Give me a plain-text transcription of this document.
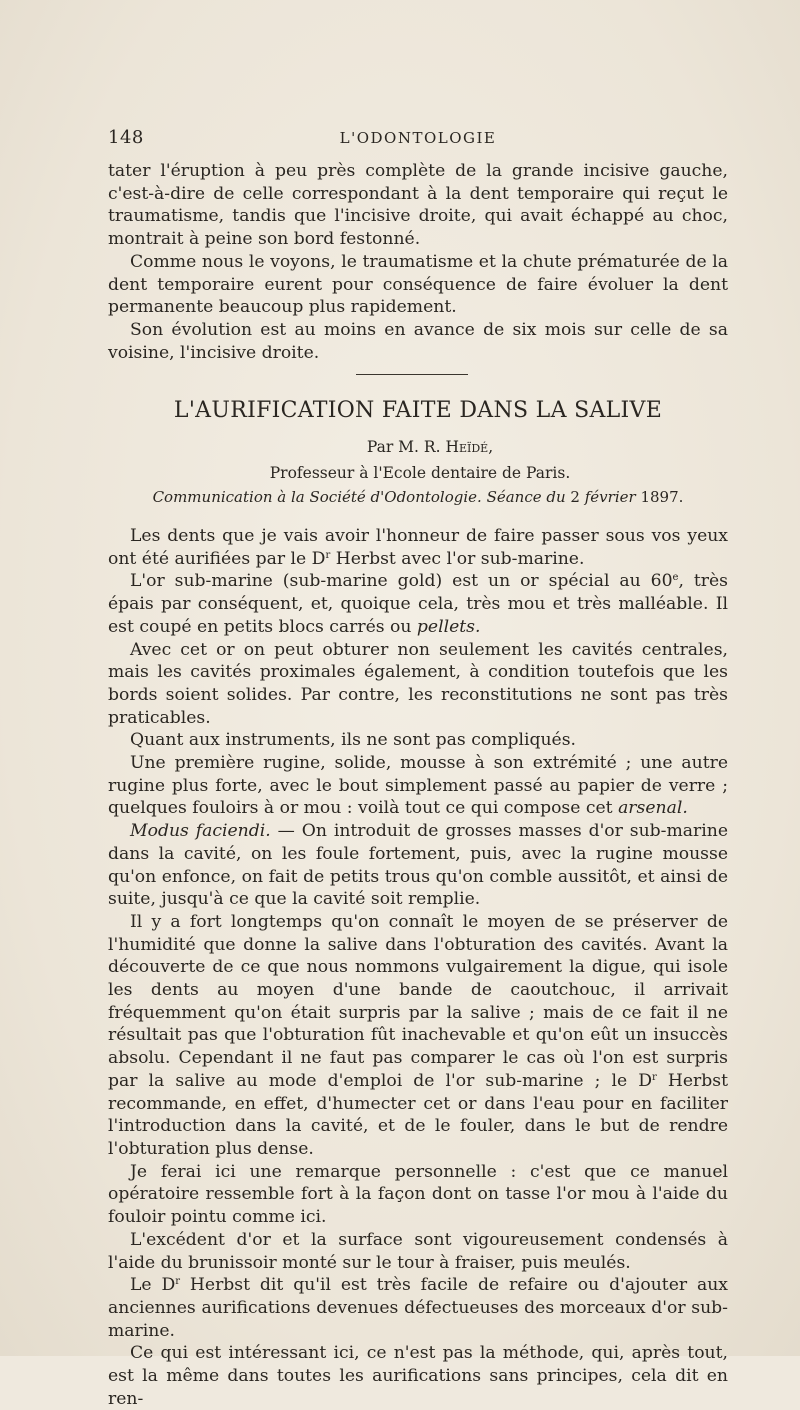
148	L'ODONTOLOGIE

tater l'éruption à peu près complète de la grande incisive gauche, c'est-à-dire de celle correspondant à la dent temporaire qui reçut le traumatisme, tandis que l'incisive droite, qui avait échappé au choc, montrait à peine son bord festonné.

Comme nous le voyons, le traumatisme et la chute prématurée de la dent temporaire eurent pour conséquence de faire évoluer la dent permanente beaucoup plus rapidement.

Son évolution est au moins en avance de six mois sur celle de sa voisine, l'incisive droite.

L'AURIFICATION FAITE DANS LA SALIVE
Par M. R. Heïdé,
Professeur à l'Ecole dentaire de Paris.
Communication à la Société d'Odontologie. Séance du 2 février 1897.

Les dents que je vais avoir l'honneur de faire passer sous vos yeux ont été aurifiées par le $D^r$ Herbst avec l'or sub-marine.

L'or sub-marine (sub-marine gold) est un or spécial au 60e, très épais par conséquent, et, quoique cela, très mou et très malléable. Il est coupé en petits blocs carrés ou pellets.

Avec cet or on peut obturer non seulement les cavités centrales, mais les cavités proximales également, à condition toutefois que les bords soient solides. Par contre, les reconstitutions ne sont pas très praticables.

Quant aux instruments, ils ne sont pas compliqués.

Une première rugine, solide, mousse à son extrémité ; une autre rugine plus forte, avec le bout simplement passé au papier de verre ; quelques fouloirs à or mou : voilà tout ce qui compose cet arsenal.

Modus faciendi. — On introduit de grosses masses d'or sub-marine dans la cavité, on les foule fortement, puis, avec la rugine mousse qu'on enfonce, on fait de petits trous qu'on comble aussitôt, et ainsi de suite, jusqu'à ce que la cavité soit remplie.

Il y a fort longtemps qu'on connaît le moyen de se préserver de l'humidité que donne la salive dans l'obturation des cavités. Avant la découverte de ce que nous nommons vulgairement la digue, qui isole les dents au moyen d'une bande de caoutchouc, il arrivait fréquemment qu'on était surpris par la salive ; mais de ce fait il ne résultait pas que l'obturation fût inachevable et qu'on eût un insuccès absolu. Cependant il ne faut pas comparer le cas où l'on est surpris par la salive au mode d'emploi de l'or sub-marine ; le $D^r$ Herbst recommande, en effet, d'humecter cet or dans l'eau pour en faciliter l'introduction dans la cavité, et de le fouler, dans le but de rendre l'obturation plus dense.

Je ferai ici une remarque personnelle : c'est que ce manuel opératoire ressemble fort à la façon dont on tasse l'or mou à l'aide du fouloir pointu comme ici.

L'excédent d'or et la surface sont vigoureusement condensés à l'aide du brunissoir monté sur le tour à fraiser, puis meulés.

Le $D^r$ Herbst dit qu'il est très facile de refaire ou d'ajouter aux anciennes aurifications devenues défectueuses des morceaux d'or sub-marine.

Ce qui est intéressant ici, ce n'est pas la méthode, qui, après tout, est la même dans toutes les aurifications sans principes, cela dit en ren-
